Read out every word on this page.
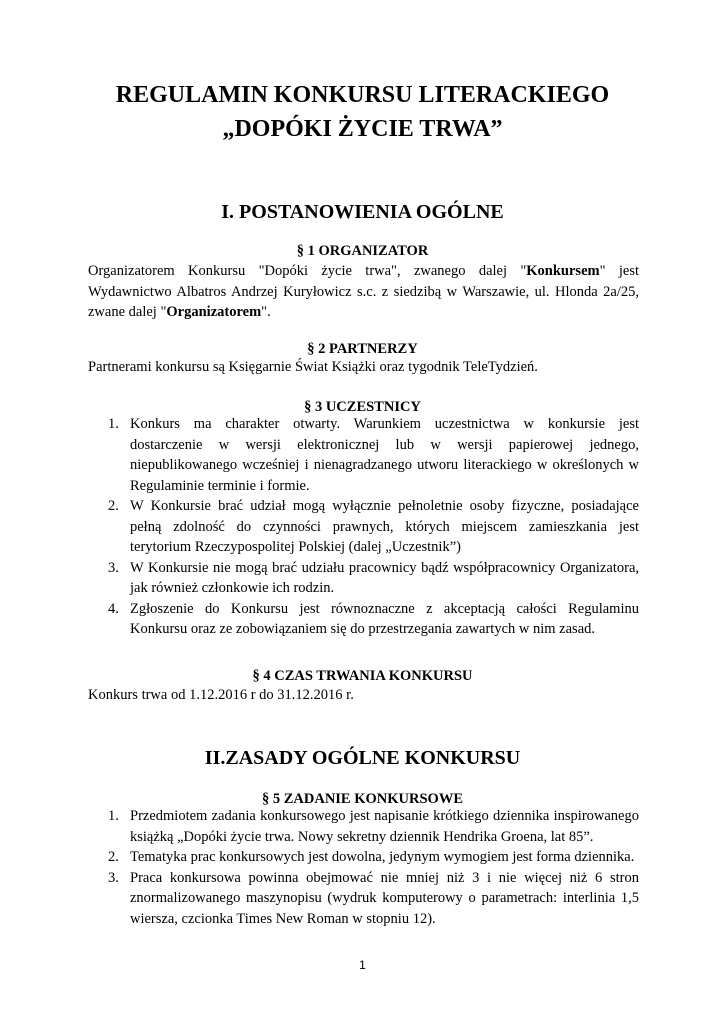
REGULAMIN KONKURSU LITERACKIEGO
„DOPÓKI ŻYCIE TRWA”
I. POSTANOWIENIA OGÓLNE
§ 1 ORGANIZATOR
Organizatorem Konkursu "Dopóki życie trwa", zwanego dalej "Konkursem" jest
Wydawnictwo Albatros Andrzej Kuryłowicz s.c. z siedzibą w Warszawie, ul. Hlonda 2a/25,
zwane dalej "Organizatorem".
§ 2 PARTNERZY
Partnerami konkursu są Księgarnie Świat Książki oraz tygodnik TeleTydzień.
§ 3 UCZESTNICY
1. Konkurs ma charakter otwarty. Warunkiem uczestnictwa w konkursie jest
dostarczenie w wersji elektronicznej lub w wersji papierowej jednego,
niepublikowanego wcześniej i nienagradzanego utworu literackiego w określonych w
Regulaminie terminie i formie.
2. W Konkursie brać udział mogą wyłącznie pełnoletnie osoby fizyczne, posiadające
pełną zdolność do czynności prawnych, których miejscem zamieszkania jest
terytorium Rzeczypospolitej Polskiej (dalej „Uczestnik”)
3. W Konkursie nie mogą brać udziału pracownicy bądź współpracownicy Organizatora,
jak również członkowie ich rodzin.
4. Zgłoszenie do Konkursu jest równoznaczne z akceptacją całości Regulaminu
Konkursu oraz ze zobowiązaniem się do przestrzegania zawartych w nim zasad.
§ 4 CZAS TRWANIA KONKURSU
Konkurs trwa od 1.12.2016 r do 31.12.2016 r.
II.ZASADY OGÓLNE KONKURSU
§ 5 ZADANIE KONKURSOWE
1. Przedmiotem zadania konkursowego jest napisanie krótkiego dziennika inspirowanego
książką „Dopóki życie trwa. Nowy sekretny dziennik Hendrika Groena, lat 85”.
2. Tematyka prac konkursowych jest dowolna, jedynym wymogiem jest forma dziennika.
3. Praca konkursowa powinna obejmować nie mniej niż 3 i nie więcej niż 6 stron
znormalizowanego maszynopisu (wydruk komputerowy o parametrach: interlinia 1,5
wiersza, czcionka Times New Roman w stopniu 12).
1
